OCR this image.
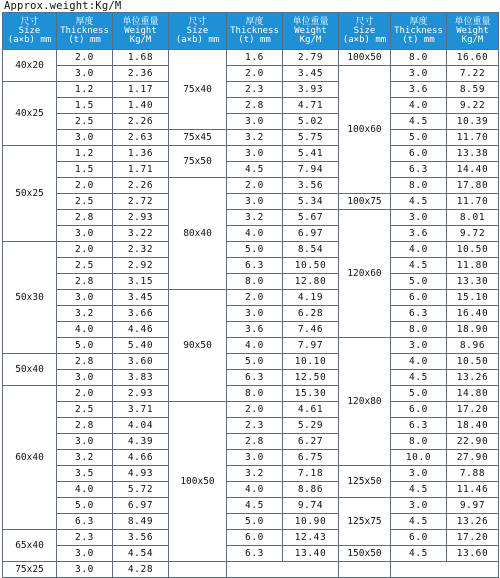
Approx.weight:Kg/M
尺寸
Size
(a×b) mm	厚度
Thickness
(t) mm	单位重量
Weight
Kg/M	尺寸
Size
(a×b) mm	厚度
Thickness
(t) mm	单位重量
Weight
Kg/M	尺寸
Size
(a×b) mm	厚度
Thickness
(t) mm	单位重量
Weight
Kg/M

40x20	2.0	1.68	75x40	1.6	2.79	100x50	8.0	16.60
	3.0	2.36		2.0	3.45	100x60	3.0	7.22
40x25	1.2	1.17		2.3	3.93		3.6	8.59
	1.5	1.40		2.8	4.71		4.0	9.22
	2.5	2.26		3.0	5.02		4.5	10.39
	3.0	2.63	75x45	3.2	5.75		5.0	11.70
50x25	1.2	1.36	75x50	3.0	5.41		6.0	13.38
	1.5	1.71		4.5	7.94		6.3	14.40
	2.0	2.26	80x40	2.0	3.56		8.0	17.80
	2.5	2.72		3.0	5.34	100x75	4.5	11.70
	2.8	2.93		3.2	5.67	120x60	3.0	8.01
	3.0	3.22		4.0	6.97		3.6	9.72
50x30	2.0	2.32		5.0	8.54		4.0	10.50
	2.5	2.92		6.3	10.50		4.5	11.80
	2.8	3.15		8.0	12.80		5.0	13.30
	3.0	3.45	90x50	2.0	4.19		6.0	15.10
	3.2	3.66		3.0	6.28		6.3	16.40
	4.0	4.46		3.6	7.46		8.0	18.90
	5.0	5.40		4.0	7.97	120x80	3.0	8.96
50x40	2.8	3.60		5.0	10.10		4.0	10.50
	3.0	3.83		6.3	12.50		4.5	13.26
60x40	2.0	2.93		8.0	15.30		5.0	14.80
	2.5	3.71	100x50	2.0	4.61		6.0	17.20
	2.8	4.04		2.3	5.29		6.3	18.40
	3.0	4.39		2.8	6.27		8.0	22.90
	3.2	4.66		3.0	6.75		10.0	27.90
	3.5	4.93		3.2	7.18	125x50	3.0	7.88
	4.0	5.72		4.0	8.86		4.5	11.46
	5.0	6.97		4.5	9.74	125x75	3.0	9.97
	6.3	8.49		5.0	10.90		4.5	13.26
65x40	2.3	3.56		6.0	12.43		6.0	17.20
	3.0	4.54		6.3	13.40	150x50	4.5	13.60
75x25	3.0	4.28						
